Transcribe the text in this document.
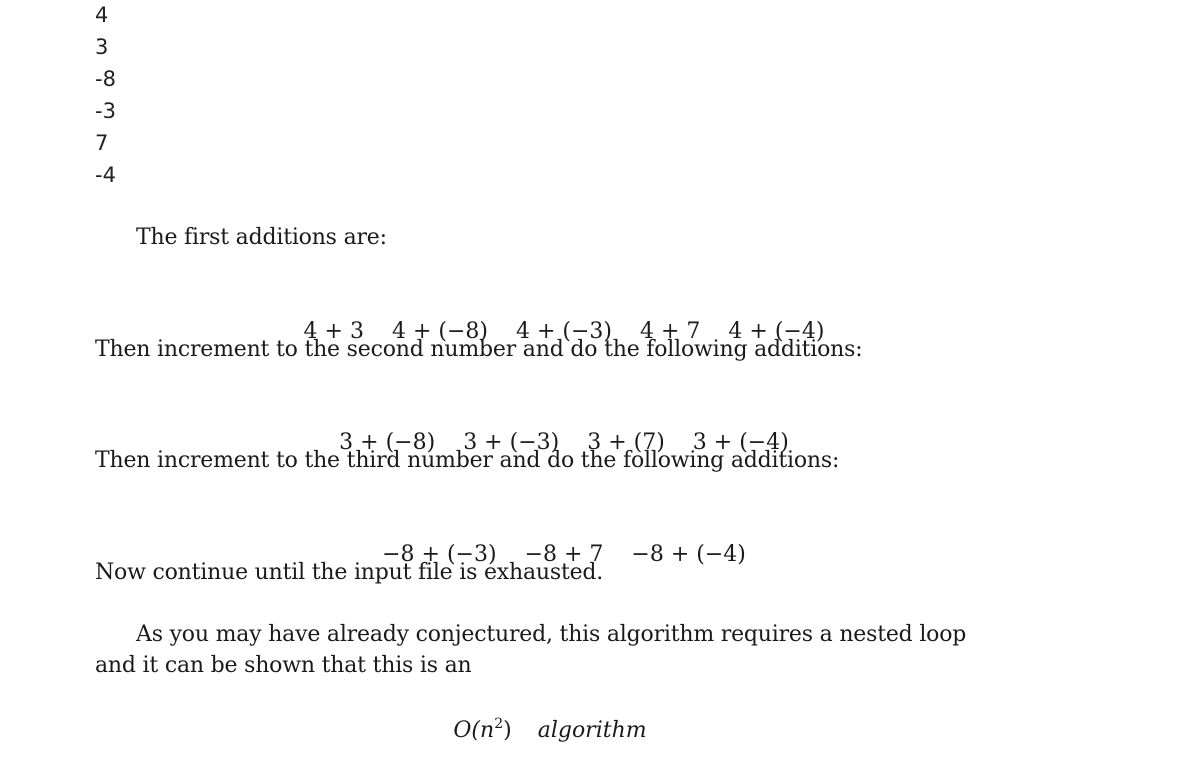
4
3
-8
-3
7
-4
The first additions are:

4 + 3 4 + (−8) 4 + (−3) 4 + 7 4 + (−4)

Then increment to the second number and do the following additions:

3 + (−8) 3 + (−3) 3 + (7) 3 + (−4)

Then increment to the third number and do the following additions:

−8 + (−3) −8 + 7 −8 + (−4)

Now continue until the input file is exhausted.
As you may have already conjectured, this algorithm requires a nested loop
and it can be shown that this is an
$O(n^2)$ algorithm
